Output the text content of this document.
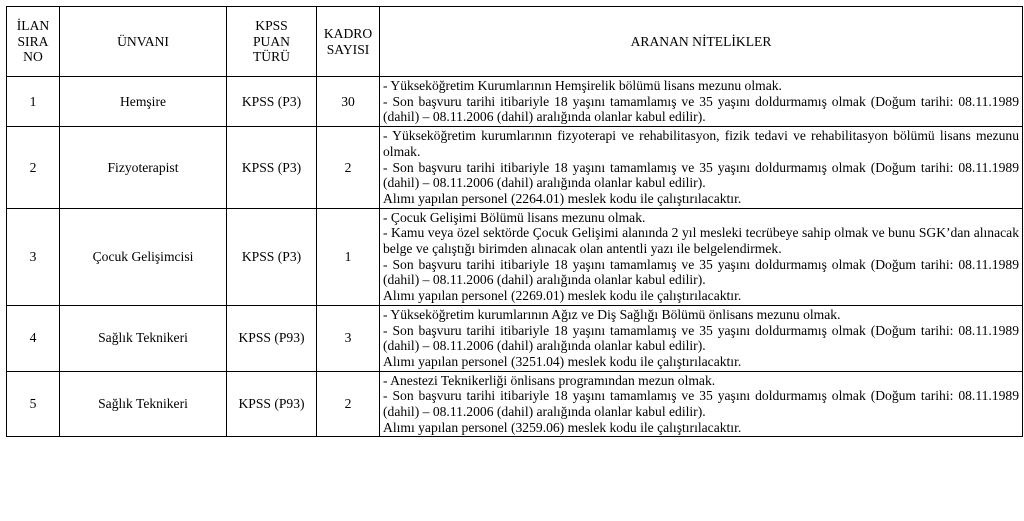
İLAN
SIRA
NO	ÜNVANI	KPSS
PUAN
TÜRÜ	KADRO
SAYISI	ARANAN NİTELİKLER
1	Hemşire	KPSS (P3)	30	- Yükseköğretim Kurumlarının Hemşirelik bölümü lisans mezunu olmak.
- Son başvuru tarihi itibariyle 18 yaşını tamamlamış ve 35 yaşını doldurmamış olmak (Doğum tarihi: 08.11.1989 (dahil) – 08.11.2006 (dahil) aralığında olanlar kabul edilir).

2	Fizyoterapist	KPSS (P3)	2	- Yükseköğretim kurumlarının fizyoterapi ve rehabilitasyon, fizik tedavi ve rehabilitasyon bölümü lisans mezunu olmak.
- Son başvuru tarihi itibariyle 18 yaşını tamamlamış ve 35 yaşını doldurmamış olmak (Doğum tarihi: 08.11.1989 (dahil) – 08.11.2006 (dahil) aralığında olanlar kabul edilir).
Alımı yapılan personel (2264.01) meslek kodu ile çalıştırılacaktır.

3	Çocuk Gelişimcisi	KPSS (P3)	1	- Çocuk Gelişimi Bölümü lisans mezunu olmak.
- Kamu veya özel sektörde Çocuk Gelişimi alanında 2 yıl mesleki tecrübeye sahip olmak ve bunu SGK’dan alınacak belge ve çalıştığı birimden alınacak olan antentli yazı ile belgelendirmek.
- Son başvuru tarihi itibariyle 18 yaşını tamamlamış ve 35 yaşını doldurmamış olmak (Doğum tarihi: 08.11.1989 (dahil) – 08.11.2006 (dahil) aralığında olanlar kabul edilir).
Alımı yapılan personel (2269.01) meslek kodu ile çalıştırılacaktır.

4	Sağlık Teknikeri	KPSS (P93)	3	- Yükseköğretim kurumlarının Ağız ve Diş Sağlığı Bölümü önlisans mezunu olmak.
- Son başvuru tarihi itibariyle 18 yaşını tamamlamış ve 35 yaşını doldurmamış olmak (Doğum tarihi: 08.11.1989 (dahil) – 08.11.2006 (dahil) aralığında olanlar kabul edilir).
Alımı yapılan personel (3251.04) meslek kodu ile çalıştırılacaktır.

5	Sağlık Teknikeri	KPSS (P93)	2	- Anestezi Teknikerliği önlisans programından mezun olmak.
- Son başvuru tarihi itibariyle 18 yaşını tamamlamış ve 35 yaşını doldurmamış olmak (Doğum tarihi: 08.11.1989 (dahil) – 08.11.2006 (dahil) aralığında olanlar kabul edilir).
Alımı yapılan personel (3259.06) meslek kodu ile çalıştırılacaktır.
